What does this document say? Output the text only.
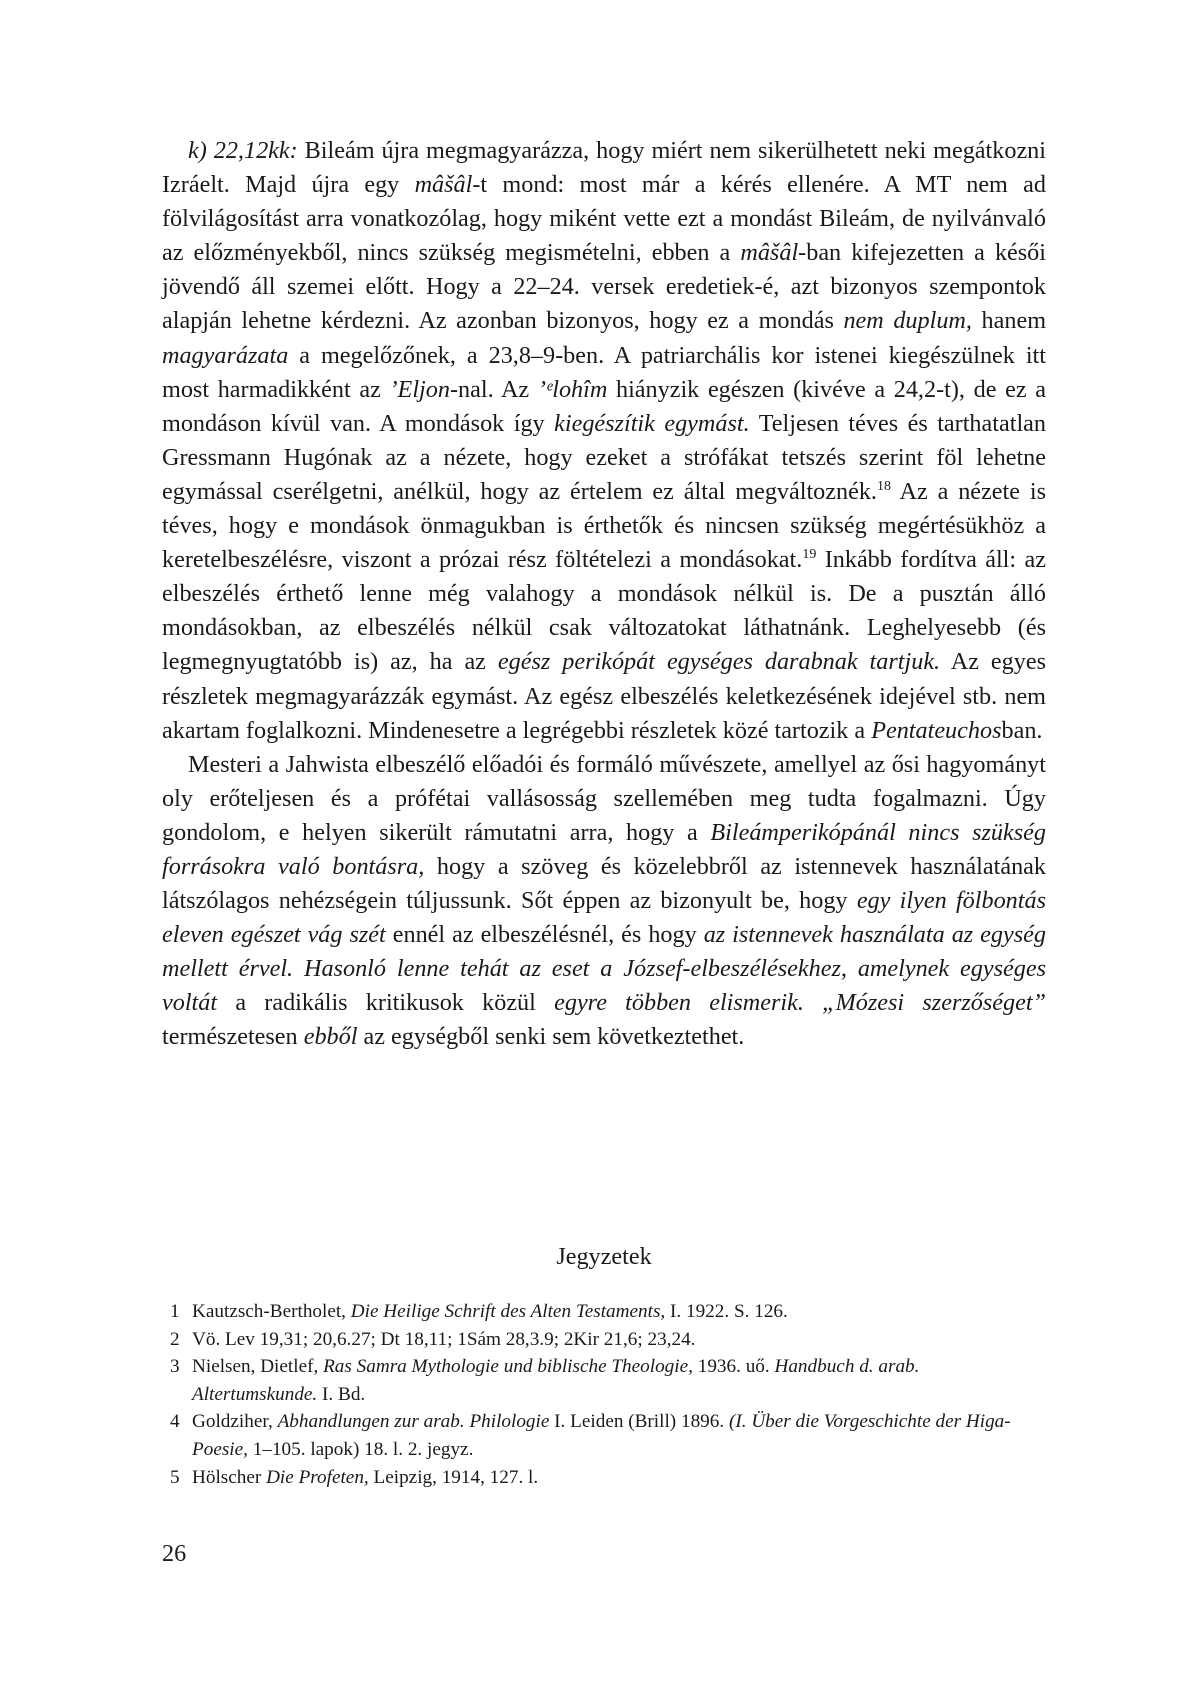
k) 22,12kk: Bileám újra megmagyarázza, hogy miért nem sikerülhetett neki megátkozni Izráelt. Majd újra egy mâšâl-t mond: most már a kérés ellenére. A MT nem ad fölvilágosítást arra vonatkozólag, hogy miként vette ezt a mondást Bileám, de nyilvánvaló az előzményekből, nincs szükség megismételni, ebben a mâšâl-ban kifejezetten a késői jövendő áll szemei előtt. Hogy a 22–24. versek eredetiek-é, azt bizonyos szempontok alapján lehetne kérdezni. Az azonban bizonyos, hogy ez a mondás nem duplum, hanem magyarázata a megelőzőnek, a 23,8–9-ben. A patriarchális kor istenei kiegészülnek itt most harmadikként az ’Eljon-nal. Az ’ᵉlohîm hiányzik egészen (kivéve a 24,2-t), de ez a mondáson kívül van. A mondások így kiegészítik egymást. Teljesen téves és tarthatatlan Gressmann Hugónak az a nézete, hogy ezeket a strófákat tetszés szerint föl lehetne egymással cserélgetni, anélkül, hogy az értelem ez által megváltoznék.$^{18}$ Az a nézete is téves, hogy e mondások önmagukban is érthetők és nincsen szükség megértésükhöz a keretelbeszélésre, viszont a prózai rész föltételezi a mondásokat.$^{19}$ Inkább fordítva áll: az elbeszélés érthető lenne még valahogy a mondások nélkül is. De a pusztán álló mondásokban, az elbeszélés nélkül csak változatokat láthatnánk. Leghelyesebb (és legmegnyugtatóbb is) az, ha az egész perikópát egységes darabnak tartjuk. Az egyes részletek megmagyarázzák egymást. Az egész elbeszélés keletkezésének idejével stb. nem akartam foglalkozni. Mindenesetre a legrégebbi részletek közé tartozik a Pentateuchosban.

Mesteri a Jahwista elbeszélő előadói és formáló művészete, amellyel az ősi hagyományt oly erőteljesen és a prófétai vallásosság szellemében meg tudta fogalmazni. Úgy gondolom, e helyen sikerült rámutatni arra, hogy a Bileámperikópánál nincs szükség forrásokra való bontásra, hogy a szöveg és közelebbről az istennevek használatának látszólagos nehézségein túljussunk. Sőt éppen az bizonyult be, hogy egy ilyen fölbontás eleven egészet vág szét ennél az elbeszélésnél, és hogy az istennevek használata az egység mellett érvel. Hasonló lenne tehát az eset a József-elbeszélésekhez, amelynek egységes voltát a radikális kritikusok közül egyre többen elismerik. „Mózesi szerzőséget” természetesen ebből az egységből senki sem következtethet.

Jegyzetek
1 Kautzsch-Bertholet, Die Heilige Schrift des Alten Testaments, I. 1922. S. 126.
2 Vö. Lev 19,31; 20,6.27; Dt 18,11; 1Sám 28,3.9; 2Kir 21,6; 23,24.
3 Nielsen, Dietlef, Ras Samra Mythologie und biblische Theologie, 1936. uő. Handbuch d. arab. Altertumskunde. I. Bd.
4 Goldziher, Abhandlungen zur arab. Philologie I. Leiden (Brill) 1896. (I. Über die Vorgeschichte der Higa-Poesie, 1–105. lapok) 18. l. 2. jegyz.
5 Hölscher Die Profeten, Leipzig, 1914, 127. l.
26
